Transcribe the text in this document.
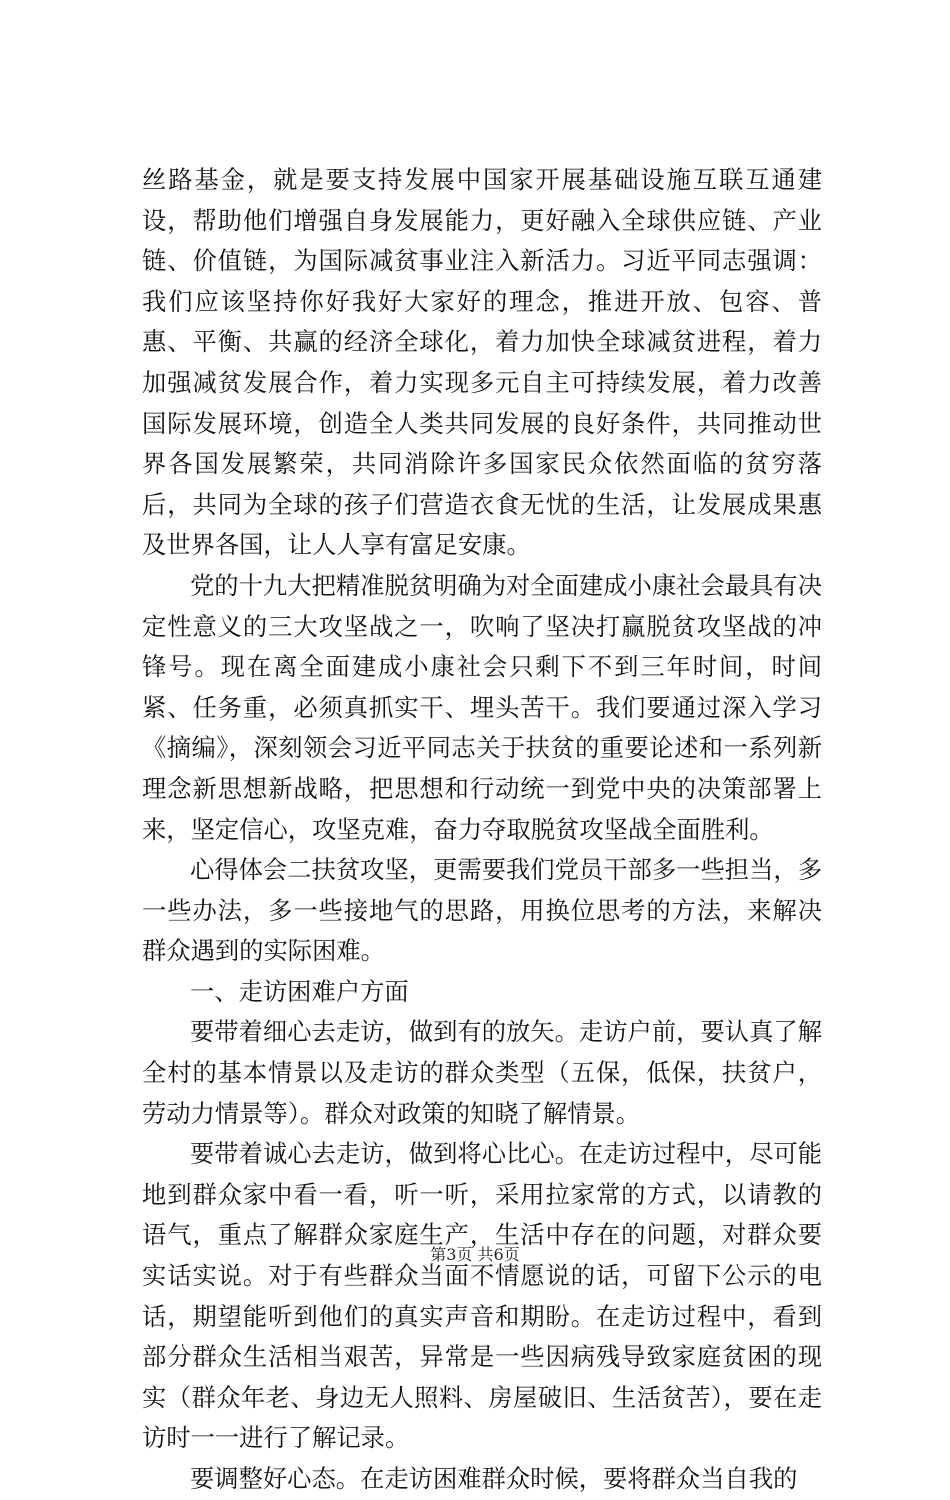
丝路基金，就是要支持发展中国家开展基础设施互联互通建设，帮助他们增强自身发展能力，更好融入全球供应链、产业链、价值链，为国际减贫事业注入新活力。习近平同志强调：我们应该坚持你好我好大家好的理念，推进开放、包容、普惠、平衡、共赢的经济全球化，着力加快全球减贫进程，着力加强减贫发展合作，着力实现多元自主可持续发展，着力改善国际发展环境，创造全人类共同发展的良好条件，共同推动世界各国发展繁荣，共同消除许多国家民众依然面临的贫穷落后，共同为全球的孩子们营造衣食无忧的生活，让发展成果惠及世界各国，让人人享有富足安康。

党的十九大把精准脱贫明确为对全面建成小康社会最具有决定性意义的三大攻坚战之一，吹响了坚决打赢脱贫攻坚战的冲锋号。现在离全面建成小康社会只剩下不到三年时间，时间紧、任务重，必须真抓实干、埋头苦干。我们要通过深入学习《摘编》，深刻领会习近平同志关于扶贫的重要论述和一系列新理念新思想新战略，把思想和行动统一到党中央的决策部署上来，坚定信心，攻坚克难，奋力夺取脱贫攻坚战全面胜利。

心得体会二扶贫攻坚，更需要我们党员干部多一些担当，多一些办法，多一些接地气的思路，用换位思考的方法，来解决群众遇到的实际困难。

一、走访困难户方面

要带着细心去走访，做到有的放矢。走访户前，要认真了解全村的基本情景以及走访的群众类型（五保，低保，扶贫户，劳动力情景等）。群众对政策的知晓了解情景。

要带着诚心去走访，做到将心比心。在走访过程中，尽可能地到群众家中看一看，听一听，采用拉家常的方式，以请教的语气，重点了解群众家庭生产，生活中存在的问题，对群众要实话实说。对于有些群众当面不情愿说的话，可留下公示的电话，期望能听到他们的真实声音和期盼。在走访过程中，看到部分群众生活相当艰苦，异常是一些因病残导致家庭贫困的现实（群众年老、身边无人照料、房屋破旧、生活贫苦），要在走访时一一进行了解记录。

要调整好心态。在走访困难群众时候，要将群众当自我的

第3页 共6页
